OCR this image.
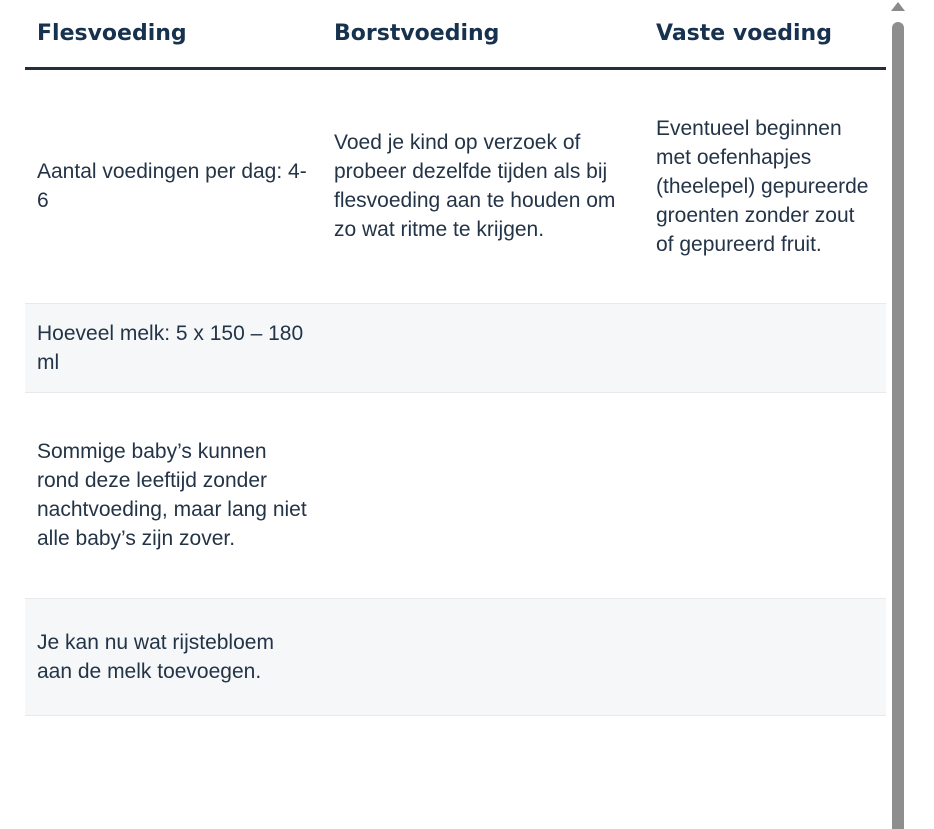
Flesvoeding	Borstvoeding	Vaste voeding
Aantal voedingen per dag: 4-6	Voed je kind op verzoek of probeer dezelfde tijden als bij flesvoeding aan te houden om zo wat ritme te krijgen.	Eventueel beginnen met oefenhapjes (theelepel) gepureerde groenten zonder zout of gepureerd fruit.
Hoeveel melk: 5 x 150 – 180 ml		
Sommige baby’s kunnen rond deze leeftijd zonder nachtvoeding, maar lang niet alle baby’s zijn zover.		
Je kan nu wat rijstebloem aan de melk toevoegen.		
